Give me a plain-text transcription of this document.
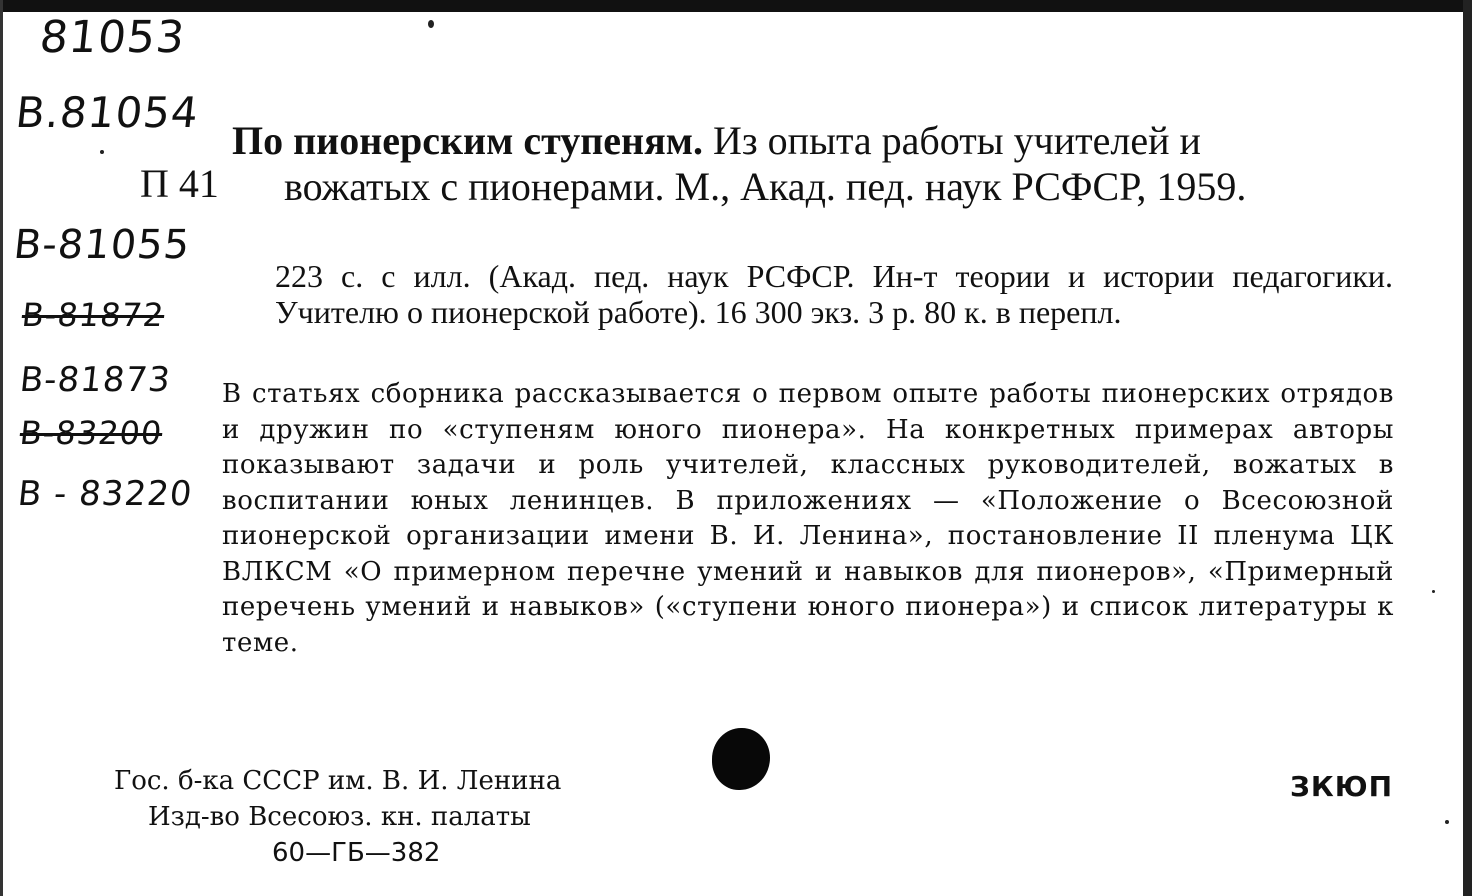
81053
В.81054
В-81055
В-81872
В-81873
В-83200
В - 83220
П 41
По пионерским ступеням. Из опыта работы учителей и
вожатых с пионерами. М., Акад. пед. наук РСФСР, 1959.
223 с. с илл. (Акад. пед. наук РСФСР. Ин-т теории и истории педагогики. Учителю о пионерской работе). 16 300 экз. 3 р. 80 к. в перепл.
В статьях сборника рассказывается о первом опыте работы пионерских отрядов и дружин по «ступеням юного пионера». На конкретных примерах авторы показывают задачи и роль учителей, классных руководителей, вожатых в воспитании юных ленинцев. В приложениях — «Положение о Всесоюзной пионерской организации имени В. И. Ленина», постановление II пленума ЦК ВЛКСМ «О примерном перечне умений и навыков для пионеров», «Примерный перечень умений и навыков» («ступени юного пионера») и список литературы к теме.
Гос. б-ка СССР им. В. И. Ленина
Изд-во Всесоюз. кн. палаты
60—ГБ—382
ЗКЮП
